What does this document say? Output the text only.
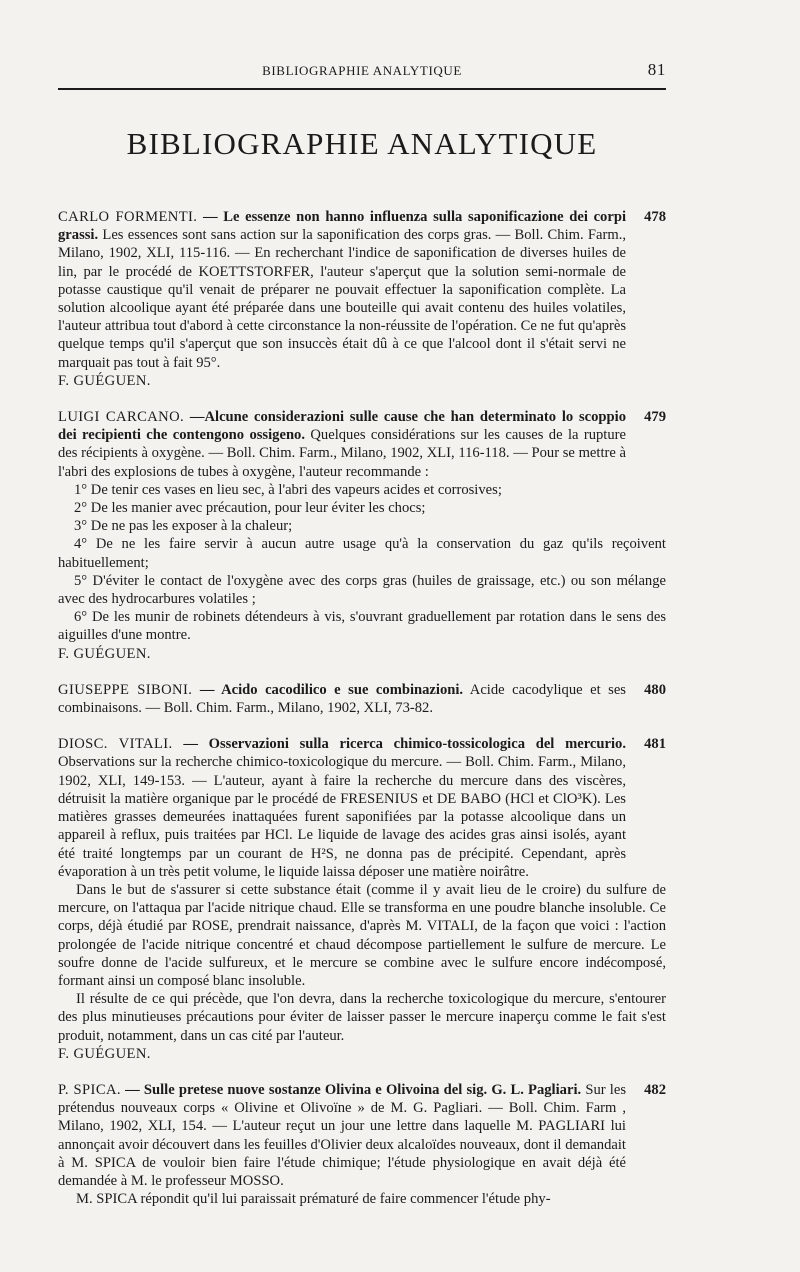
BIBLIOGRAPHIE ANALYTIQUE	81
BIBLIOGRAPHIE ANALYTIQUE

CARLO FORMENTI. — Le essenze non hanno influenza sulla saponificazione dei corpi grassi. Les essences sont sans action sur la saponification des corps gras. — Boll. Chim. Farm., Milano, 1902, XLI, 115-116. — En recherchant l'indice de saponification de diverses huiles de lin, par le procédé de KOETTSTORFER, l'auteur s'aperçut que la solution semi-normale de potasse caustique qu'il venait de préparer ne pouvait effectuer la saponification complète. La solution alcoolique ayant été préparée dans une bouteille qui avait contenu des huiles volatiles, l'auteur attribua tout d'abord à cette circonstance la non-réussite de l'opération. Ce ne fut qu'après quelque temps qu'il s'aperçut que son insuccès était dû à ce que l'alcool dont il s'était servi ne marquait pas tout à fait 95°.
478

F. GUÉGUEN.

LUIGI CARCANO. —Alcune considerazioni sulle cause che han determinato lo scoppio dei recipienti che contengono ossigeno. Quelques considérations sur les causes de la rupture des récipients à oxygène. — Boll. Chim. Farm., Milano, 1902, XLI, 116-118. — Pour se mettre à l'abri des explosions de tubes à oxygène, l'auteur recommande :
479

1° De tenir ces vases en lieu sec, à l'abri des vapeurs acides et corrosives;

2° De les manier avec précaution, pour leur éviter les chocs;

3° De ne pas les exposer à la chaleur;

4° De ne les faire servir à aucun autre usage qu'à la conservation du gaz qu'ils reçoivent habituellement;

5° D'éviter le contact de l'oxygène avec des corps gras (huiles de graissage, etc.) ou son mélange avec des hydrocarbures volatiles ;

6° De les munir de robinets détendeurs à vis, s'ouvrant graduellement par rotation dans le sens des aiguilles d'une montre.

F. GUÉGUEN.

GIUSEPPE SIBONI. — Acido cacodilico e sue combinazioni. Acide cacodylique et ses combinaisons. — Boll. Chim. Farm., Milano, 1902, XLI, 73-82.
480

DIOSC. VITALI. — Osservazioni sulla ricerca chimico-tossicologica del mercurio. Observations sur la recherche chimico-toxicologique du mercure. — Boll. Chim. Farm., Milano, 1902, XLI, 149-153. — L'auteur, ayant à faire la recherche du mercure dans des viscères, détruisit la matière organique par le procédé de FRESENIUS et DE BABO (HCl et ClO³K). Les matières grasses demeurées inattaquées furent saponifiées par la potasse alcoolique dans un appareil à reflux, puis traitées par HCl. Le liquide de lavage des acides gras ainsi isolés, ayant été traité longtemps par un courant de H²S, ne donna pas de précipité. Cependant, après évaporation à un très petit volume, le liquide laissa déposer une matière noirâtre.
481

Dans le but de s'assurer si cette substance était (comme il y avait lieu de le croire) du sulfure de mercure, on l'attaqua par l'acide nitrique chaud. Elle se transforma en une poudre blanche insoluble. Ce corps, déjà étudié par ROSE, prendrait naissance, d'après M. VITALI, de la façon que voici : l'action prolongée de l'acide nitrique concentré et chaud décompose partiellement le sulfure de mercure. Le soufre donne de l'acide sulfureux, et le mercure se combine avec le sulfure encore indécomposé, formant ainsi un composé blanc insoluble.

Il résulte de ce qui précède, que l'on devra, dans la recherche toxicologique du mercure, s'entourer des plus minutieuses précautions pour éviter de laisser passer le mercure inaperçu comme le fait s'est produit, notamment, dans un cas cité par l'auteur.

F. GUÉGUEN.

P. SPICA. — Sulle pretese nuove sostanze Olivina e Olivoina del sig. G. L. Pagliari. Sur les prétendus nouveaux corps « Olivine et Olivoïne » de M. G. Pagliari. — Boll. Chim. Farm , Milano, 1902, XLI, 154. — L'auteur reçut un jour une lettre dans laquelle M. PAGLIARI lui annonçait avoir découvert dans les feuilles d'Olivier deux alcaloïdes nouveaux, dont il demandait à M. SPICA de vouloir bien faire l'étude chimique; l'étude physiologique en avait déjà été demandée à M. le professeur MOSSO.
482

M. SPICA répondit qu'il lui paraissait prématuré de faire commencer l'étude phy-
